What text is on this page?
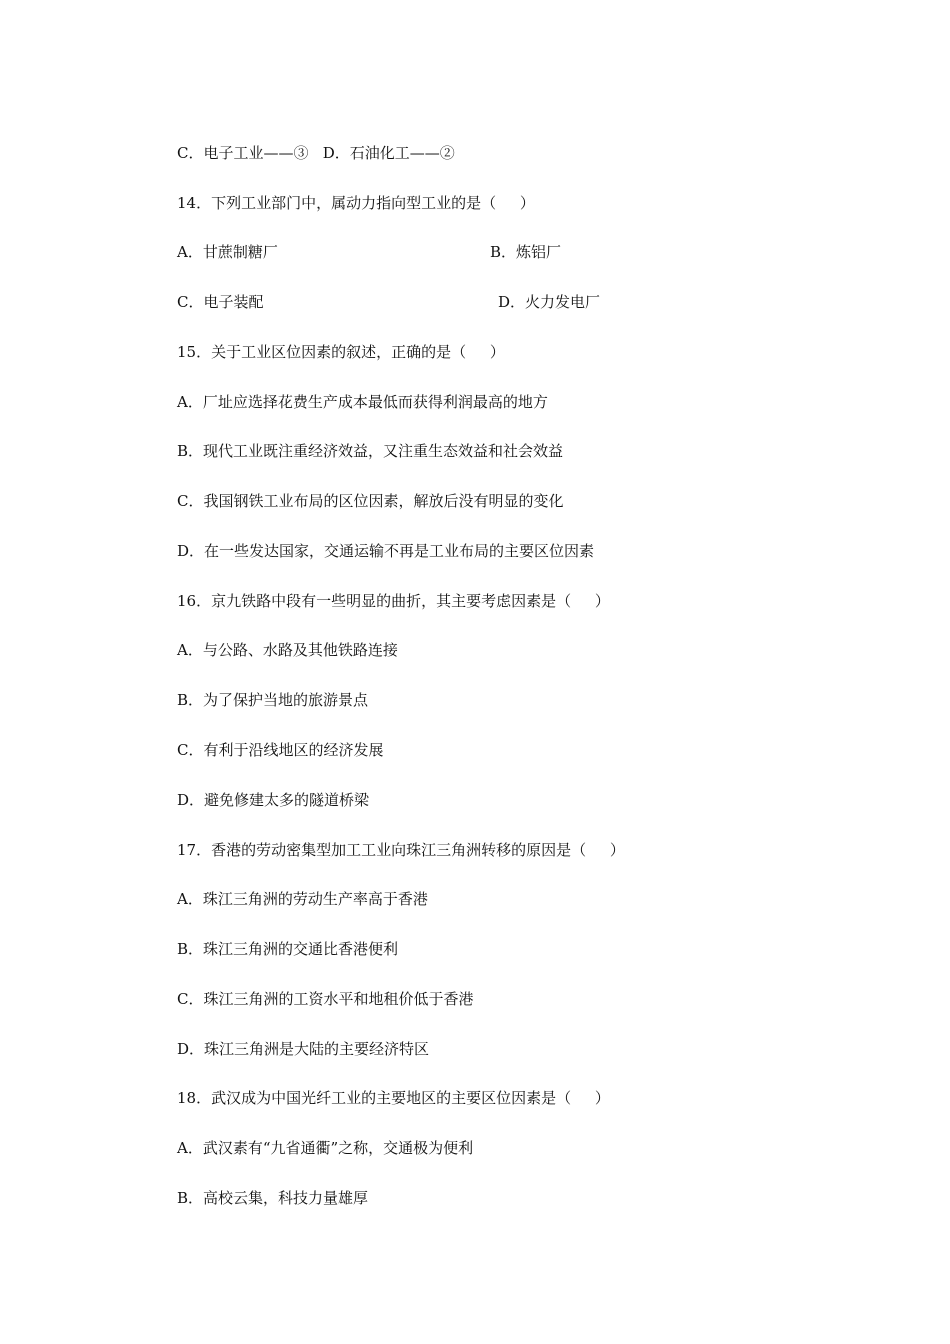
C．电子工业——③   D．石油化工——②
14．下列工业部门中，属动力指向型工业的是（     ）
A．甘蔗制糖厂	B．炼铝厂
C．电子装配	D．火力发电厂
15．关于工业区位因素的叙述，正确的是（     ）
A．厂址应选择花费生产成本最低而获得利润最高的地方
B．现代工业既注重经济效益，又注重生态效益和社会效益
C．我国钢铁工业布局的区位因素，解放后没有明显的变化
D．在一些发达国家，交通运输不再是工业布局的主要区位因素
16．京九铁路中段有一些明显的曲折，其主要考虑因素是（     ）
A．与公路、水路及其他铁路连接
B．为了保护当地的旅游景点
C．有利于沿线地区的经济发展
D．避免修建太多的隧道桥梁
17．香港的劳动密集型加工工业向珠江三角洲转移的原因是（     ）
A．珠江三角洲的劳动生产率高于香港
B．珠江三角洲的交通比香港便利
C．珠江三角洲的工资水平和地租价低于香港
D．珠江三角洲是大陆的主要经济特区
18．武汉成为中国光纤工业的主要地区的主要区位因素是（     ）
A．武汉素有“九省通衢”之称，交通极为便利
B．高校云集，科技力量雄厚
